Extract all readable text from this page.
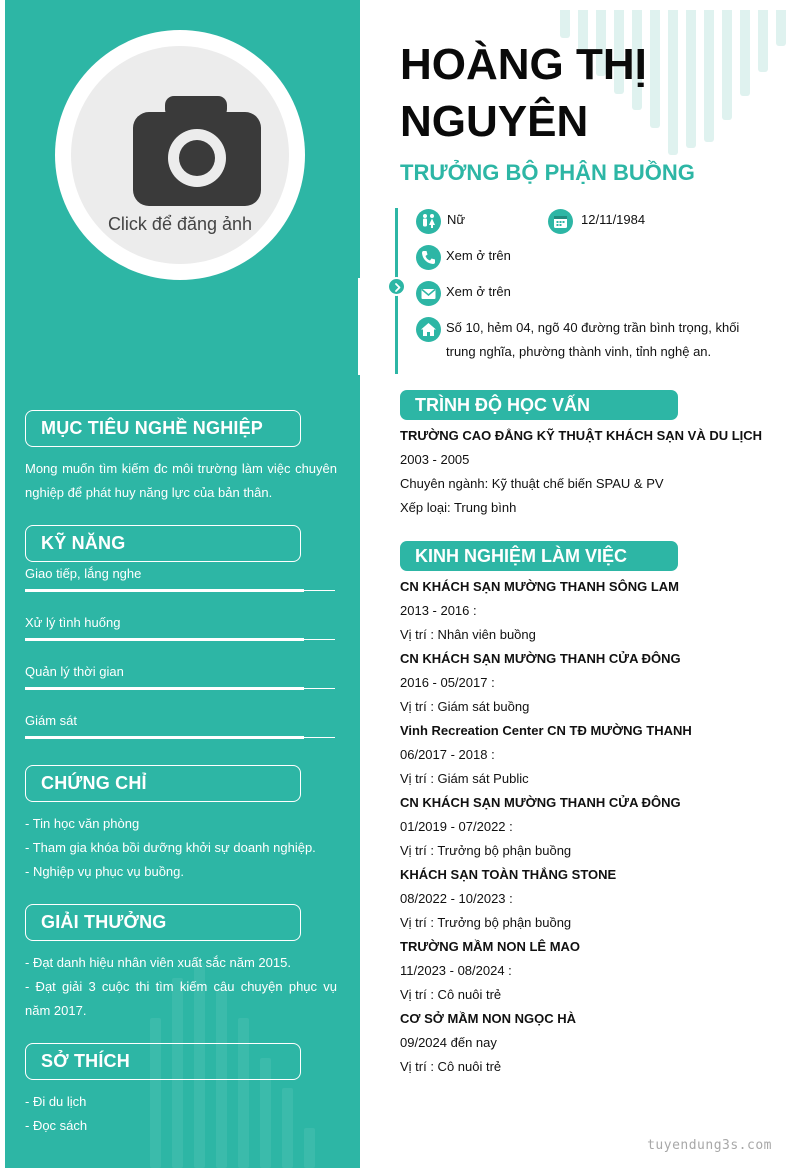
Click để đăng ảnh
MỤC TIÊU NGHỀ NGHIỆP
Mong muốn tìm kiếm đc môi trường làm việc chuyên nghiệp để phát huy năng lực của bản thân.
KỸ NĂNG
Giao tiếp, lắng nghe
Xử lý tình huống
Quản lý thời gian
Giám sát
CHỨNG CHỈ
- Tin học văn phòng
- Tham gia khóa bồi dưỡng khởi sự doanh nghiệp.
- Nghiệp vụ phục vụ buồng.
GIẢI THƯỞNG
- Đạt danh hiệu nhân viên xuất sắc năm 2015.
- Đạt giải 3 cuộc thi tìm kiếm câu chuyện phục vụ năm 2017.
SỞ THÍCH
- Đi du lịch
- Đọc sách
HOÀNG THỊ NGUYÊN
TRƯỞNG BỘ PHẬN BUỒNG
Nữ	12/11/1984
Xem ở trên
Xem ở trên
Số 10, hẻm 04, ngõ 40 đường trần bình trọng, khối trung nghĩa, phường thành vinh, tỉnh nghệ an.
TRÌNH ĐỘ HỌC VẤN
TRƯỜNG CAO ĐẲNG KỸ THUẬT KHÁCH SẠN VÀ DU LỊCH
2003 - 2005
Chuyên ngành: Kỹ thuật chế biến SPAU & PV
Xếp loại: Trung bình
KINH NGHIỆM LÀM VIỆC
CN KHÁCH SẠN MƯỜNG THANH SÔNG LAM
2013 - 2016 :
Vị trí : Nhân viên buồng
CN KHÁCH SẠN MƯỜNG THANH CỬA ĐÔNG
2016 - 05/2017 :
Vị trí : Giám sát buồng
Vinh Recreation Center CN TĐ MƯỜNG THANH
06/2017 - 2018 :
Vị trí : Giám sát Public
CN KHÁCH SẠN MƯỜNG THANH CỬA ĐÔNG
01/2019 - 07/2022 :
Vị trí : Trưởng bộ phận buồng
KHÁCH SẠN TOÀN THẮNG STONE
08/2022 - 10/2023 :
Vị trí : Trưởng bộ phận buồng
TRƯỜNG MẦM NON LÊ MAO
11/2023 - 08/2024 :
Vị trí : Cô nuôi trẻ
CƠ SỞ MẦM NON NGỌC HÀ
09/2024 đến nay
Vị trí : Cô nuôi trẻ
tuyendung3s.com
